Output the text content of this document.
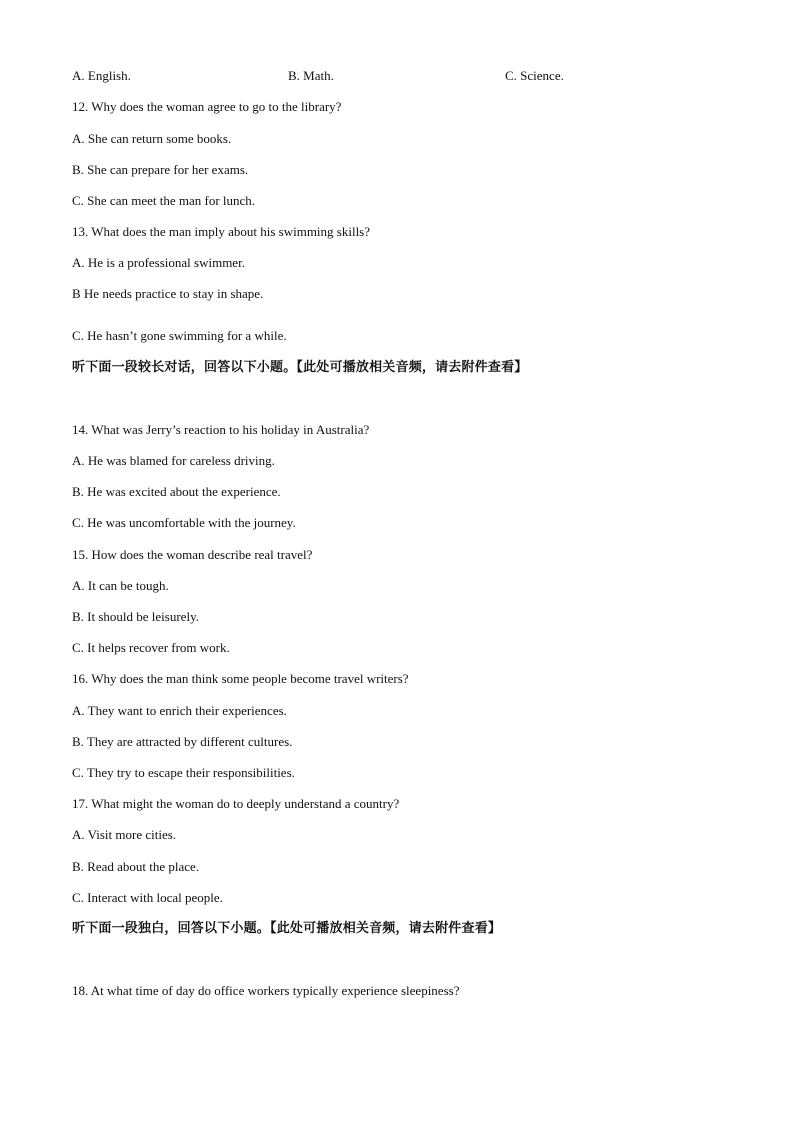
A. English.	B. Math.	C. Science.
12. Why does the woman agree to go to the library?
A. She can return some books.
B. She can prepare for her exams.
C. She can meet the man for lunch.
13. What does the man imply about his swimming skills?
A. He is a professional swimmer.
B He needs practice to stay in shape.
C. He hasn’t gone swimming for a while.
听下面一段较长对话，回答以下小题。【此处可播放相关音频，请去附件查看】
14. What was Jerry’s reaction to his holiday in Australia?
A. He was blamed for careless driving.
B. He was excited about the experience.
C. He was uncomfortable with the journey.
15. How does the woman describe real travel?
A. It can be tough.
B. It should be leisurely.
C. It helps recover from work.
16. Why does the man think some people become travel writers?
A. They want to enrich their experiences.
B. They are attracted by different cultures.
C. They try to escape their responsibilities.
17. What might the woman do to deeply understand a country?
A. Visit more cities.
B. Read about the place.
C. Interact with local people.
听下面一段独白，回答以下小题。【此处可播放相关音频，请去附件查看】
18. At what time of day do office workers typically experience sleepiness?
